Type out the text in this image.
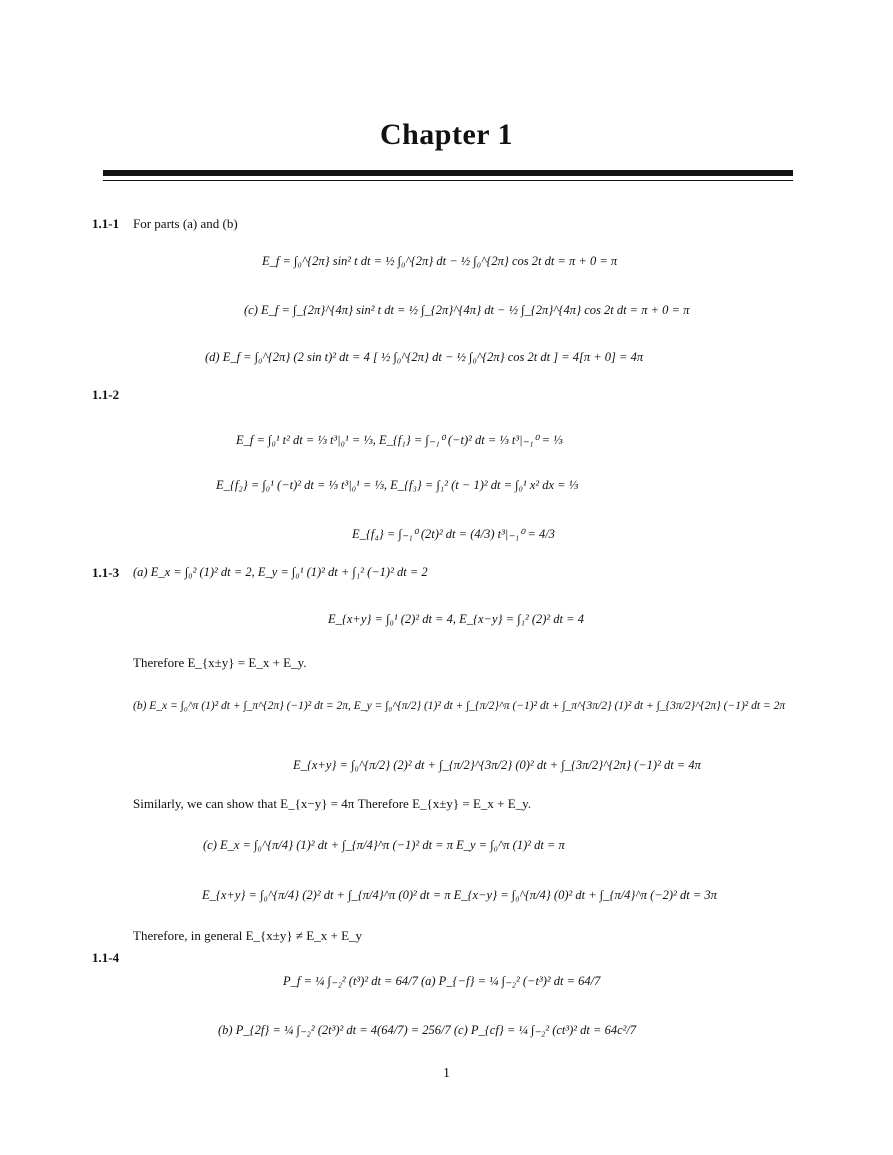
Chapter 1
1.1-1 For parts (a) and (b)
E_f = ∫₀^{2π} sin² t dt = ½ ∫₀^{2π} dt − ½ ∫₀^{2π} cos 2t dt = π + 0 = π
(c) E_f = ∫_{2π}^{4π} sin² t dt = ½ ∫_{2π}^{4π} dt − ½ ∫_{2π}^{4π} cos 2t dt = π + 0 = π
(d) E_f = ∫₀^{2π} (2 sin t)² dt = 4 [ ½ ∫₀^{2π} dt − ½ ∫₀^{2π} cos 2t dt ] = 4[π + 0] = 4π
1.1-2
E_f = ∫₀¹ t² dt = ⅓ t³|₀¹ = ⅓, E_{f₁} = ∫₋₁⁰ (−t)² dt = ⅓ t³|₋₁⁰ = ⅓
E_{f₂} = ∫₀¹ (−t)² dt = ⅓ t³|₀¹ = ⅓, E_{f₃} = ∫₁² (t − 1)² dt = ∫₀¹ x² dx = ⅓
E_{f₄} = ∫₋₁⁰ (2t)² dt = (4/3) t³|₋₁⁰ = 4/3
1.1-3 (a) E_x = ∫₀² (1)² dt = 2, E_y = ∫₀¹ (1)² dt + ∫₁² (−1)² dt = 2
E_{x+y} = ∫₀¹ (2)² dt = 4, E_{x−y} = ∫₁² (2)² dt = 4
Therefore E_{x±y} = E_x + E_y.
(b) E_x = ∫₀^π (1)² dt + ∫_π^{2π} (−1)² dt = 2π, E_y = ∫₀^{π/2} (1)² dt + ∫_{π/2}^π (−1)² dt + ∫_π^{3π/2} (1)² dt + ∫_{3π/2}^{2π} (−1)² dt = 2π
E_{x+y} = ∫₀^{π/2} (2)² dt + ∫_{π/2}^{3π/2} (0)² dt + ∫_{3π/2}^{2π} (−1)² dt = 4π
Similarly, we can show that E_{x−y} = 4π Therefore E_{x±y} = E_x + E_y.
(c) E_x = ∫₀^{π/4} (1)² dt + ∫_{π/4}^π (−1)² dt = π E_y = ∫₀^π (1)² dt = π
E_{x+y} = ∫₀^{π/4} (2)² dt + ∫_{π/4}^π (0)² dt = π E_{x−y} = ∫₀^{π/4} (0)² dt + ∫_{π/4}^π (−2)² dt = 3π
Therefore, in general E_{x±y} ≠ E_x + E_y
1.1-4
P_f = ¼ ∫₋₂² (t³)² dt = 64/7 (a) P_{−f} = ¼ ∫₋₂² (−t³)² dt = 64/7
(b) P_{2f} = ¼ ∫₋₂² (2t³)² dt = 4(64/7) = 256/7 (c) P_{cf} = ¼ ∫₋₂² (ct³)² dt = 64c²/7
1
